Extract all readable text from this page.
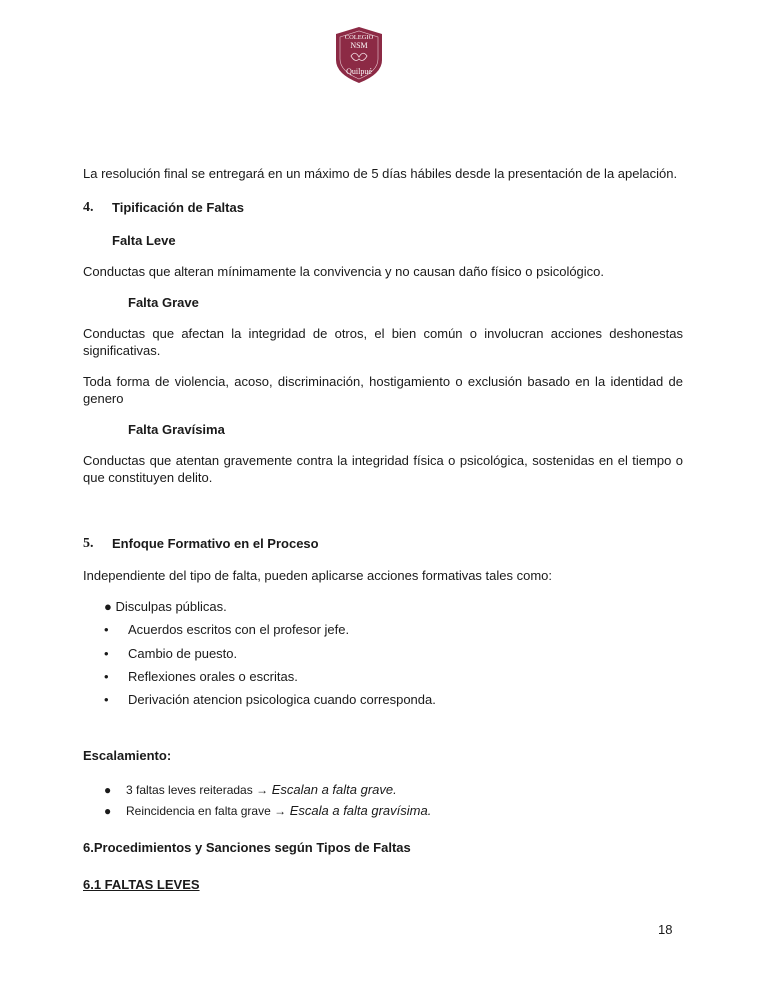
COLEGIO
NSM
Quilpué
La resolución final se entregará en un máximo de 5 días hábiles desde la presentación de la apelación.
4. Tipificación de Faltas
Falta Leve
Conductas que alteran mínimamente la convivencia y no causan daño físico o psicológico.
Falta Grave
Conductas que afectan la integridad de otros, el bien común o involucran acciones deshonestas significativas.
Toda forma de violencia, acoso, discriminación, hostigamiento o exclusión basado en la identidad de genero
Falta Gravísima
Conductas que atentan gravemente contra la integridad física o psicológica, sostenidas en el tiempo o que constituyen delito.
5. Enfoque Formativo en el Proceso
Independiente del tipo de falta, pueden aplicarse acciones formativas tales como:
● Disculpas públicas.
• Acuerdos escritos con el profesor jefe.
• Cambio de puesto.
• Reflexiones orales o escritas.
• Derivación atencion psicologica cuando corresponda.
Escalamiento:
● 3 faltas leves reiteradas → Escalan a falta grave.
● Reincidencia en falta grave → Escala a falta gravísima.
6.Procedimientos y Sanciones según Tipos de Faltas
6.1 FALTAS LEVES
18
